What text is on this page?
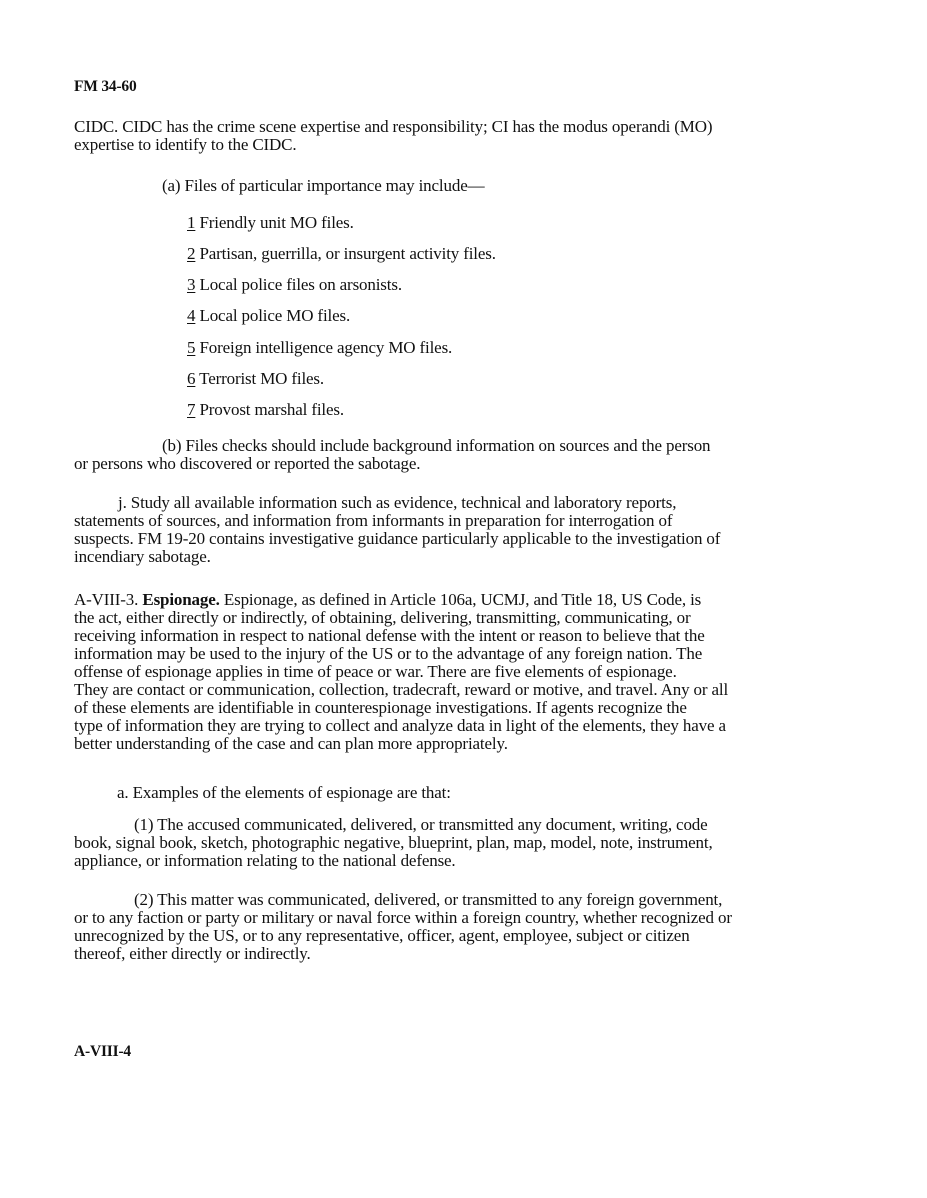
FM 34-60
CIDC. CIDC has the crime scene expertise and responsibility; CI has the modus operandi (MO)
expertise to identify to the CIDC.
(a) Files of particular importance may include—
1 Friendly unit MO files.
2 Partisan, guerrilla, or insurgent activity files.
3 Local police files on arsonists.
4 Local police MO files.
5 Foreign intelligence agency MO files.
6 Terrorist MO files.
7 Provost marshal files.
(b) Files checks should include background information on sources and the person
or persons who discovered or reported the sabotage.
j. Study all available information such as evidence, technical and laboratory reports,
statements of sources, and information from informants in preparation for interrogation of
suspects. FM 19-20 contains investigative guidance particularly applicable to the investigation of
incendiary sabotage.
A-VIII-3. Espionage. Espionage, as defined in Article 106a, UCMJ, and Title 18, US Code, is
the act, either directly or indirectly, of obtaining, delivering, transmitting, communicating, or
receiving information in respect to national defense with the intent or reason to believe that the
information may be used to the injury of the US or to the advantage of any foreign nation. The
offense of espionage applies in time of peace or war. There are five elements of espionage.
They are contact or communication, collection, tradecraft, reward or motive, and travel. Any or all
of these elements are identifiable in counterespionage investigations. If agents recognize the
type of information they are trying to collect and analyze data in light of the elements, they have a
better understanding of the case and can plan more appropriately.
a. Examples of the elements of espionage are that:
(1) The accused communicated, delivered, or transmitted any document, writing, code
book, signal book, sketch, photographic negative, blueprint, plan, map, model, note, instrument,
appliance, or information relating to the national defense.
(2) This matter was communicated, delivered, or transmitted to any foreign government,
or to any faction or party or military or naval force within a foreign country, whether recognized or
unrecognized by the US, or to any representative, officer, agent, employee, subject or citizen
thereof, either directly or indirectly.
A-VIII-4
